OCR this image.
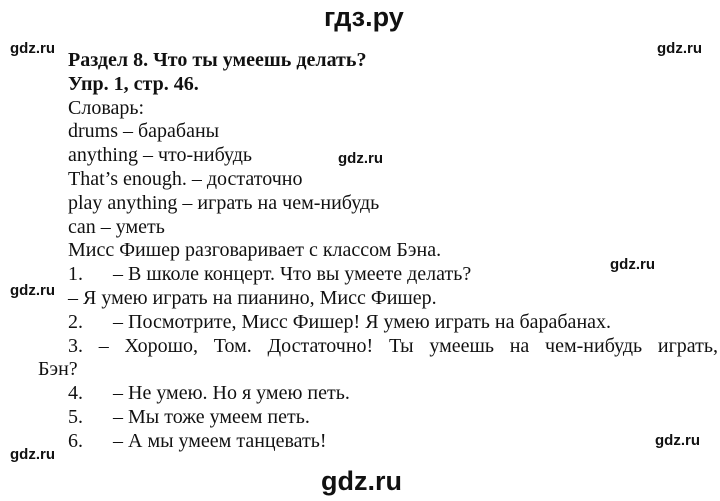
гдз.ру
gdz.ru	gdz.ru
gdz.ru
gdz.ru
gdz.ru
gdz.ru
gdz.ru
Раздел 8. Что ты умеешь делать?
Упр. 1, стр. 46.
Словарь:
drums – барабаны
anything – что-нибудь
That’s enough. – достаточно
play anything – играть на чем-нибудь
can – уметь
Мисс Фишер разговаривает с классом Бэна.
1. – В школе концерт. Что вы умеете делать?
– Я умею играть на пианино, Мисс Фишер.
2. – Посмотрите, Мисс Фишер! Я умею играть на барабанах.
3. – Хорошо, Том. Достаточно! Ты умеешь на чем-нибудь играть,
Бэн?
4. – Не умею. Но я умею петь.
5. – Мы тоже умеем петь.
6. – А мы умеем танцевать!
gdz.ru
